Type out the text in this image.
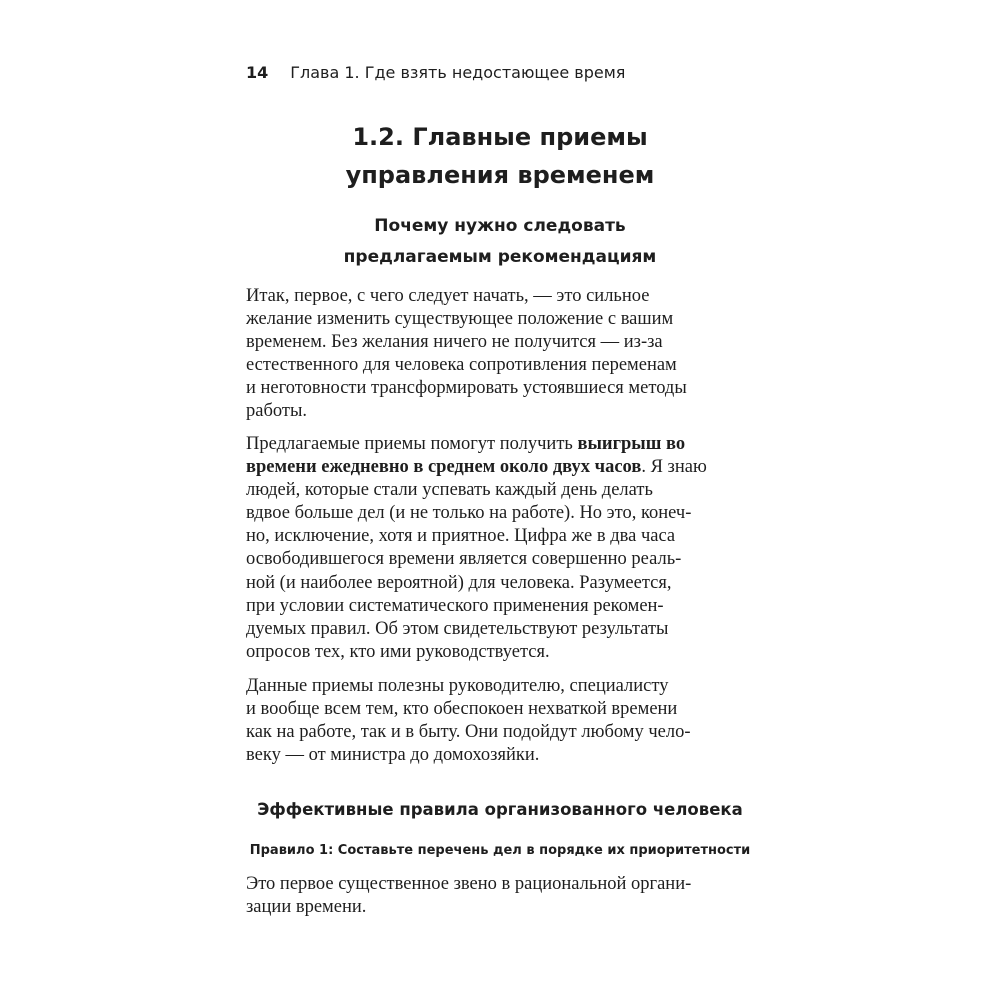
14 Глава 1. Где взять недостающее время
1.2. Главные приемы
управления временем
Почему нужно следовать
предлагаемым рекомендациям
Итак, первое, с чего следует начать, — это сильное
желание изменить существующее положение с вашим
временем. Без желания ничего не получится — из-за
естественного для человека сопротивления переменам
и неготовности трансформировать устоявшиеся методы
работы.
Предлагаемые приемы помогут получить выигрыш во
времени ежедневно в среднем около двух часов. Я знаю
людей, которые стали успевать каждый день делать
вдвое больше дел (и не только на работе). Но это, конеч-
но, исключение, хотя и приятное. Цифра же в два часа
освободившегося времени является совершенно реаль-
ной (и наиболее вероятной) для человека. Разумеется,
при условии систематического применения рекомен-
дуемых правил. Об этом свидетельствуют результаты
опросов тех, кто ими руководствуется.
Данные приемы полезны руководителю, специалисту
и вообще всем тем, кто обеспокоен нехваткой времени
как на работе, так и в быту. Они подойдут любому чело-
веку — от министра до домохозяйки.
Эффективные правила организованного человека
Правило 1: Составьте перечень дел в порядке их приоритетности
Это первое существенное звено в рациональной органи-
зации времени.
